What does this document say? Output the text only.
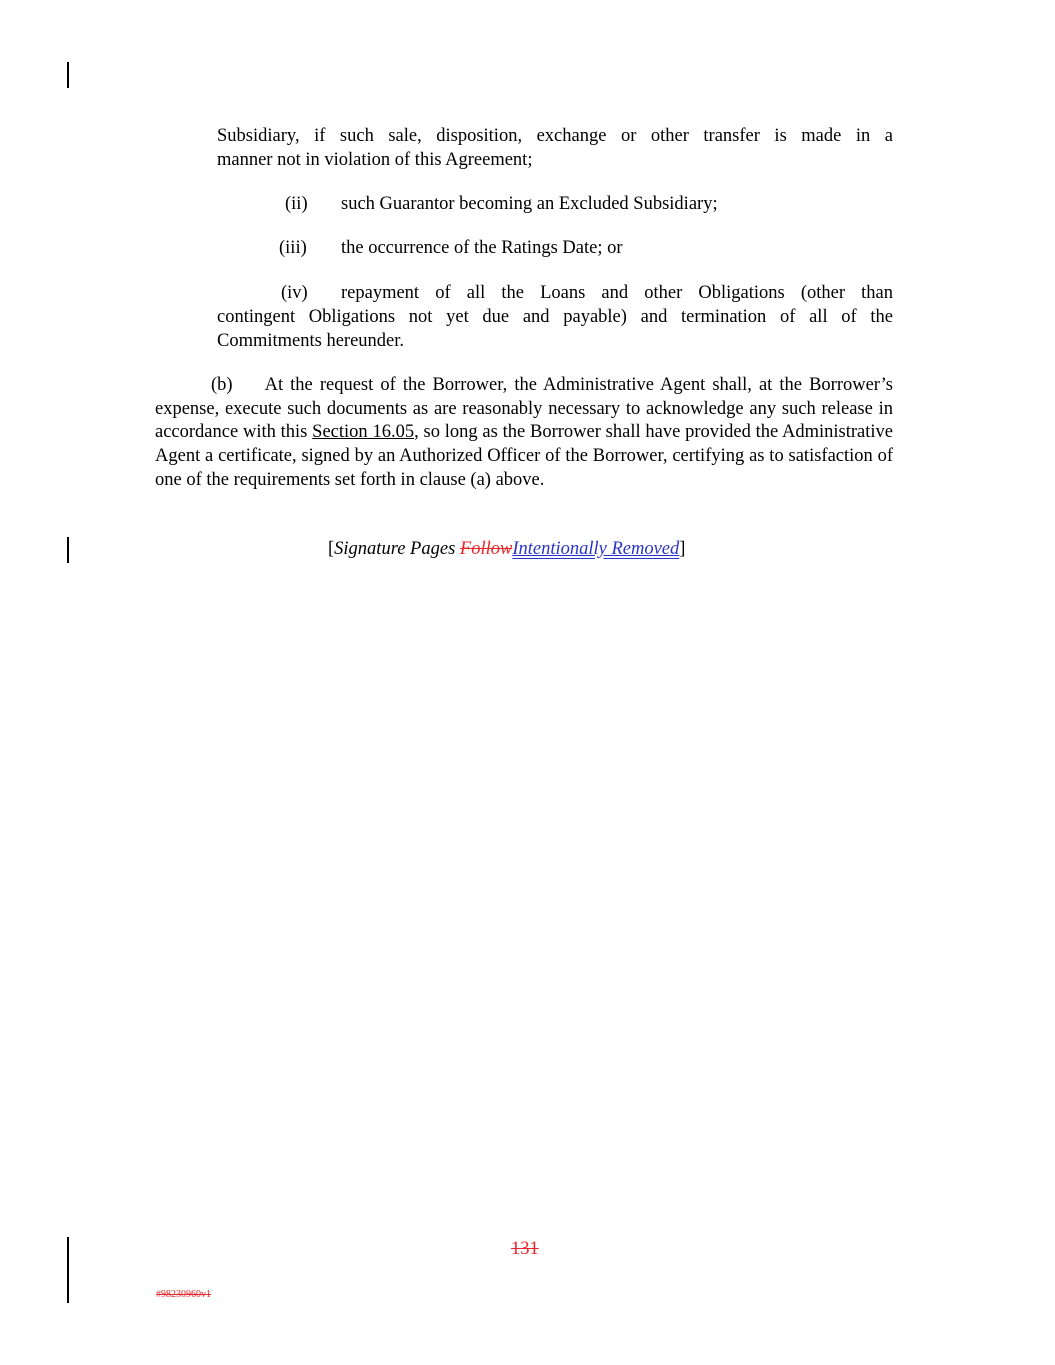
Subsidiary, if such sale, disposition, exchange or other transfer is made in a
manner not in violation of this Agreement;
(ii) such Guarantor becoming an Excluded Subsidiary;
(iii) the occurrence of the Ratings Date; or
(iv) repayment of all the Loans and other Obligations (other than
contingent Obligations not yet due and payable) and termination of all of the Commitments hereunder.
(b) At the request of the Borrower, the Administrative Agent shall, at the Borrower’s expense, execute such documents as are reasonably necessary to acknowledge any such release in accordance with this Section 16.05, so long as the Borrower shall have provided the Administrative Agent a certificate, signed by an Authorized Officer of the Borrower, certifying as to satisfaction of one of the requirements set forth in clause (a) above.
[Signature Pages FollowIntentionally Removed]
131
#98230960v1
